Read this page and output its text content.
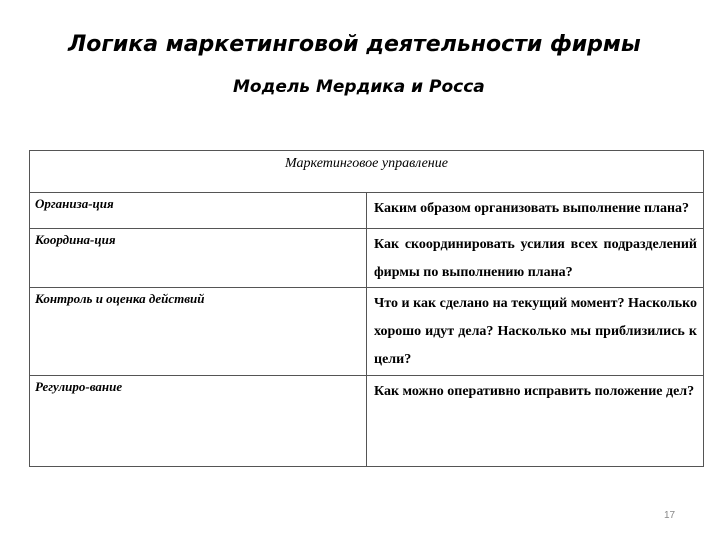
Логика маркетинговой деятельности фирмы
Модель Мердика и Росса
Маркетинговое управление	
Организа-ция	Каким образом организовать выполнение плана?
Координа-ция	Как скоординировать усилия всех подразделений фирмы по выполнению плана?
Контроль и оценка действий	Что и как сделано на текущий момент? Насколько хорошо идут дела? Насколько мы приблизились к цели?
Регулиро-вание	Как можно оперативно исправить положение дел?
17
